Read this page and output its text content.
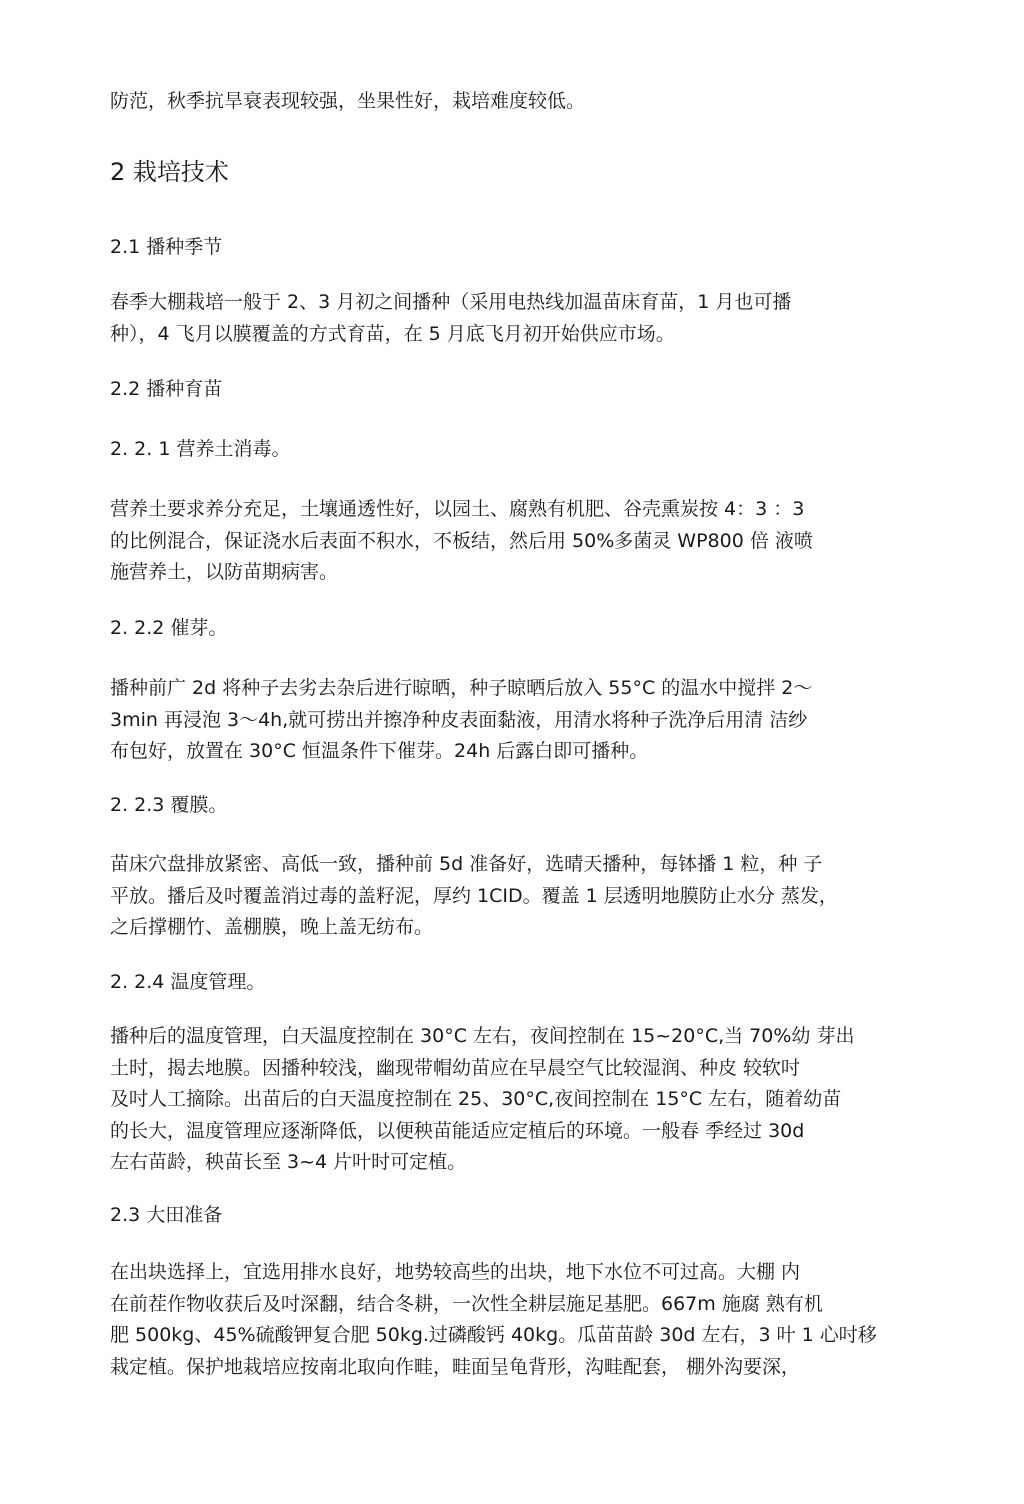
防范，秋季抗旱衰表现较强，坐果性好，栽培难度较低。
2 栽培技术
2.1 播种季节
春季大棚栽培一般于 2、3 月初之间播种（采用电热线加温苗床育苗，1 月也可播
种），4 飞月以膜覆盖的方式育苗，在 5 月底飞月初开始供应市场。
2.2 播种育苗
2. 2. 1 营养土消毒。
营养土要求养分充足，土壤通透性好，以园土、腐熟有机肥、谷壳熏炭按 4：3 ：3
的比例混合，保证浇水后表面不积水，不板结，然后用 50%多菌灵 WP800 倍 液喷
施营养土，以防苗期病害。
2. 2.2 催芽。
播种前广 2d 将种子去劣去杂后进行晾晒，种子晾晒后放入 55°C 的温水中搅拌 2～
3min 再浸泡 3～4h,就可捞出并擦净种皮表面黏液，用清水将种子洗净后用清 洁纱
布包好，放置在 30°C 恒温条件下催芽。24h 后露白即可播种。
2. 2.3 覆膜。
苗床穴盘排放紧密、高低一致，播种前 5d 准备好，选晴天播种，每钵播 1 粒，种 子
平放。播后及吋覆盖消过毒的盖籽泥，厚约 1CID。覆盖 1 层透明地膜防止水分 蒸发，
之后撑棚竹、盖棚膜，晚上盖无纺布。
2. 2.4 温度管理。
播种后的温度管理，白天温度控制在 30°C 左右，夜间控制在 15~20°C,当 70%幼 芽出
土时，揭去地膜。因播种较浅，幽现带帽幼苗应在早晨空气比较湿润、种皮 较软吋
及吋人工摘除。出苗后的白天温度控制在 25、30°C,夜间控制在 15°C 左右，随着幼苗
的长大，温度管理应逐渐降低，以便秧苗能适应定植后的环境。一般春 季经过 30d
左右苗龄，秧苗长至 3~4 片叶时可定植。
2.3 大田准备
在出块选择上，宜选用排水良好，地势较高些的出块，地下水位不可过高。大棚 内
在前茬作物收获后及吋深翻，结合冬耕，一次性全耕层施足基肥。667m 施腐 熟有机
肥 500kg、45%硫酸钾复合肥 50kg.过磷酸钙 40kg。瓜苗苗龄 30d 左右，3 叶 1 心吋移
栽定植。保护地栽培应按南北取向作畦，畦面呈龟背形，沟畦配套， 棚外沟要深，
